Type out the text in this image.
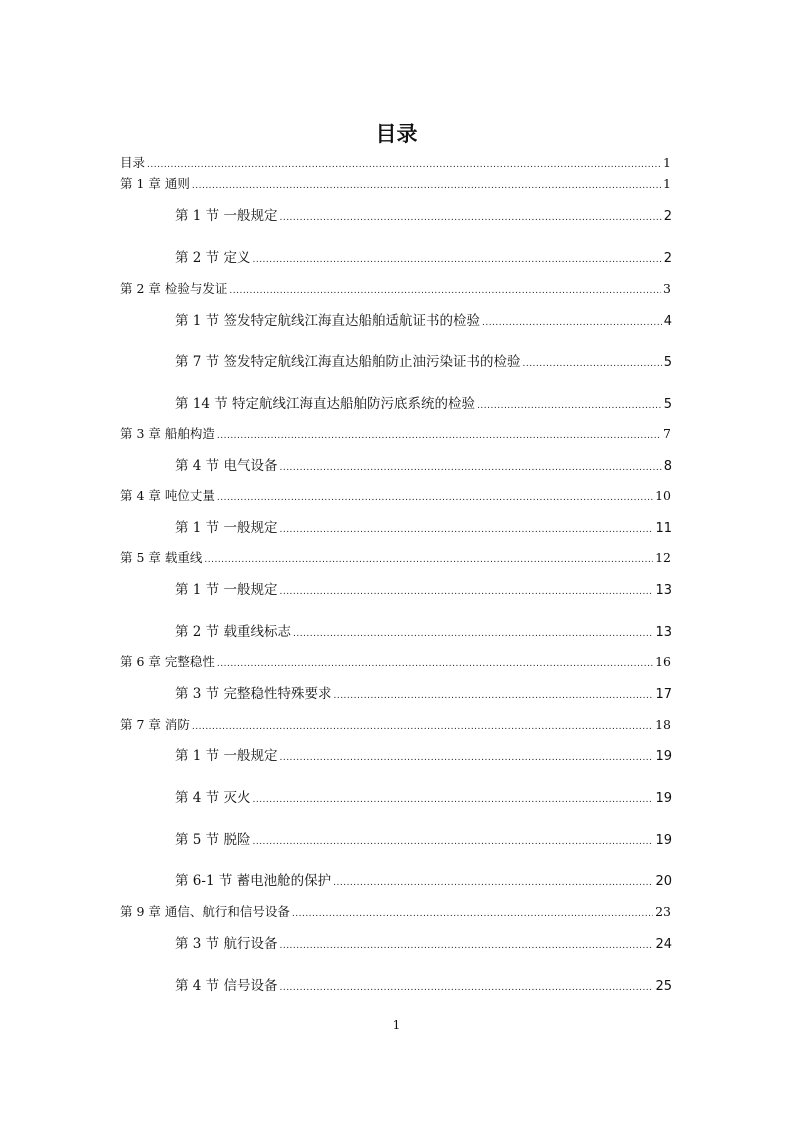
目录
目录 .....	1
第 1 章 通则 .....	1
第 1 节 一般规定 .....	2
第 2 节 定义 .....	2
第 2 章 检验与发证 .....	3
第 1 节 签发特定航线江海直达船舶适航证书的检验 .....	4
第 7 节 签发特定航线江海直达船舶防止油污染证书的检验 .....	5
第 14 节 特定航线江海直达船舶防污底系统的检验 .....	5
第 3 章 船舶构造 .....	7
第 4 节 电气设备 .....	8
第 4 章 吨位丈量 .....	10
第 1 节 一般规定 .....	11
第 5 章 载重线 .....	12
第 1 节 一般规定 .....	13
第 2 节 载重线标志 .....	13
第 6 章 完整稳性 .....	16
第 3 节 完整稳性特殊要求 .....	17
第 7 章 消防 .....	18
第 1 节 一般规定 .....	19
第 4 节 灭火 .....	19
第 5 节 脱险 .....	19
第 6-1 节 蓄电池舱的保护 .....	20
第 9 章 通信、航行和信号设备 .....	23
第 3 节 航行设备 .....	24
第 4 节 信号设备 .....	25
1
